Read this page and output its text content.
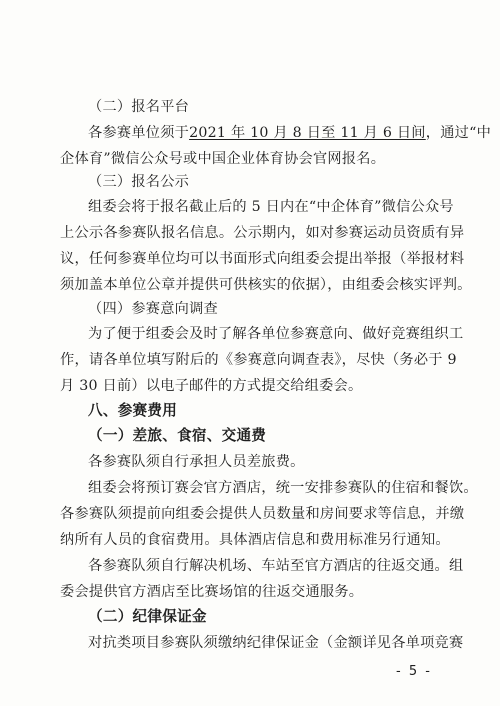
（二）报名平台
各参赛单位须于2021 年 10 月 8 日至 11 月 6 日间，通过“中
企体育”微信公众号或中国企业体育协会官网报名。
（三）报名公示
组委会将于报名截止后的 5 日内在“中企体育”微信公众号
上公示各参赛队报名信息。公示期内，如对参赛运动员资质有异
议，任何参赛单位均可以书面形式向组委会提出举报（举报材料
须加盖本单位公章并提供可供核实的依据），由组委会核实评判。
（四）参赛意向调查
为了便于组委会及时了解各单位参赛意向、做好竞赛组织工
作，请各单位填写附后的《参赛意向调查表》，尽快（务必于 9
月 30 日前）以电子邮件的方式提交给组委会。
八、参赛费用
（一）差旅、食宿、交通费
各参赛队须自行承担人员差旅费。
组委会将预订赛会官方酒店，统一安排参赛队的住宿和餐饮。
各参赛队须提前向组委会提供人员数量和房间要求等信息，并缴
纳所有人员的食宿费用。具体酒店信息和费用标准另行通知。
各参赛队须自行解决机场、车站至官方酒店的往返交通。组
委会提供官方酒店至比赛场馆的往返交通服务。
（二）纪律保证金
对抗类项目参赛队须缴纳纪律保证金（金额详见各单项竞赛
- 5 -
